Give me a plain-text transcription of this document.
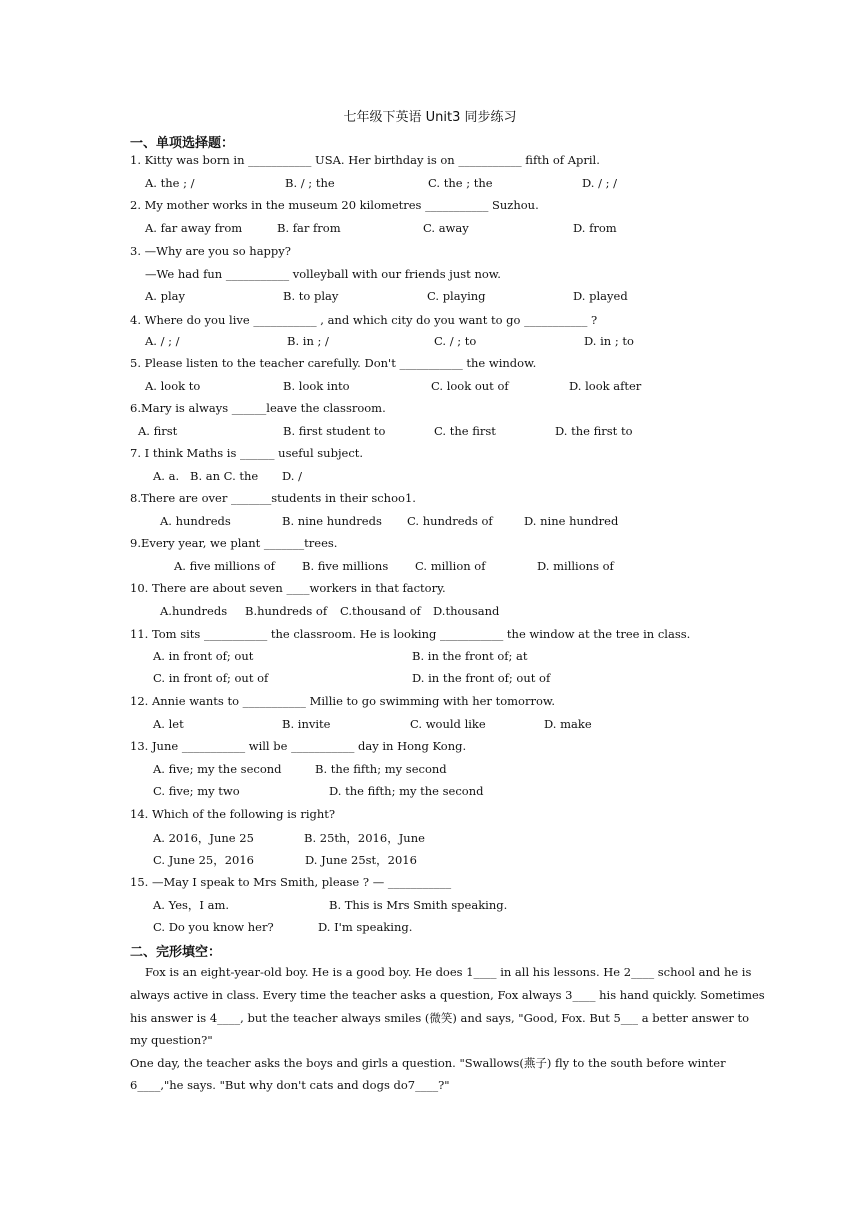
七年级下英语 Unit3 同步练习
一、单项选择题：
1. Kitty was born in ___________ USA. Her birthday is on ___________ fifth of April.
A. the ; /	B. / ; the	C. the ; the	D. / ; /
2. My mother works in the museum 20 kilometres ___________ Suzhou.
A. far away from	B. far from	C. away	D. from
3. —Why are you so happy?
—We had fun ___________ volleyball with our friends just now.
A. play	B. to play	C. playing	D. played
4. Where do you live ___________ , and which city do you want to go ___________ ?
A. / ; /	B. in ; /	C. / ; to	D. in ; to
5. Please listen to the teacher carefully. Don't ___________ the window.
A. look to	B. look into	C. look out of	D. look after
6.Mary is always ______leave the classroom.
A. first	B. first student to	C. the first	D. the first to
7. I think Maths is ______ useful subject.
A. a. B. an C. the D. /
8.There are over _______students in their schoo1.
A. hundreds	B. nine hundreds C. hundreds of	D. nine hundred
9.Every year, we plant _______trees.
A. five millions of B. five millions C. million of	D. millions of
10. There are about seven ____workers in that factory.
A.hundreds B.hundreds of C.thousand of D.thousand
11. Tom sits ___________ the classroom. He is looking ___________ the window at the tree in class.
A. in front of; out	B. in the front of; at
C. in front of; out of	D. in the front of; out of
12. Annie wants to ___________ Millie to go swimming with her tomorrow.
A. let	B. invite	C. would like	D. make
13. June ___________ will be ___________ day in Hong Kong.
A. five; my the second	B. the fifth; my second
C. five; my two	D. the fifth; my the second
14. Which of the following is right?
A. 2016，June 25	B. 25th，2016，June
C. June 25，2016	D. June 25st，2016
15. —May I speak to Mrs Smith, please ? — ___________
A. Yes，I am.	B. This is Mrs Smith speaking.
C. Do you know her?	D. I'm speaking.
二、完形填空：
Fox is an eight-year-old boy. He is a good boy. He does 1____ in all his lessons. He 2____ school and he is
always active in class. Every time the teacher asks a question, Fox always 3____ his hand quickly. Sometimes
his answer is 4____, but the teacher always smiles (微笑) and says, "Good, Fox. But 5___ a better answer to
my question?"
One day, the teacher asks the boys and girls a question. "Swallows(燕子) fly to the south before winter
6____,"he says. "But why don't cats and dogs do7____?"
